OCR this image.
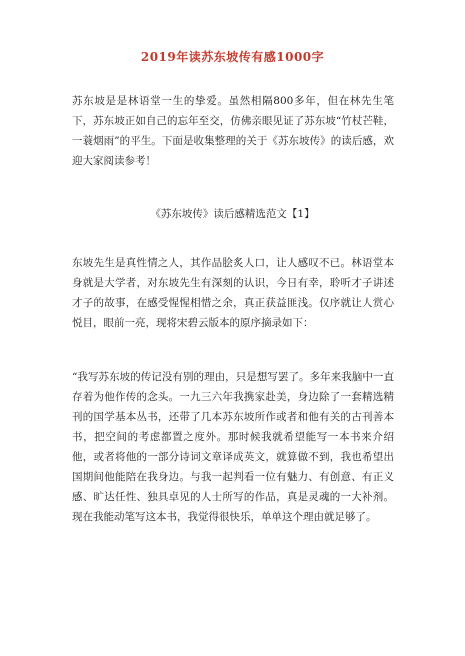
2019年读苏东坡传有感1000字
苏东坡是是林语堂一生的挚爱。虽然相隔800多年，但在林先生笔下，苏东坡正如自己的忘年至交，仿佛亲眼见证了苏东坡“竹杖芒鞋，一蓑烟雨”的平生。下面是收集整理的关于《苏东坡传》的读后感，欢迎大家阅读参考！
《苏东坡传》读后感精选范文【1】
东坡先生是真性情之人，其作品脍炙人口，让人感叹不已。林语堂本身就是大学者，对东坡先生有深刻的认识，今日有幸，聆听才子讲述才子的故事，在感受惺惺相惜之余，真正获益匪浅。仅序就让人赏心悦目，眼前一亮，现将宋碧云版本的原序摘录如下：
“我写苏东坡的传记没有别的理由，只是想写罢了。多年来我脑中一直存着为他作传的念头。一九三六年我携家赴美，身边除了一套精选精刊的国学基本丛书，还带了几本苏东坡所作或者和他有关的古刊善本书，把空间的考虑都置之度外。那时候我就希望能写一本书来介绍他，或者将他的一部分诗词文章译成英文，就算做不到，我也希望出国期间他能陪在我身边。与我一起判看一位有魅力、有创意、有正义感、旷达任性、独具卓见的人士所写的作品，真是灵魂的一大补剂。现在我能动笔写这本书，我觉得很快乐，单单这个理由就足够了。
